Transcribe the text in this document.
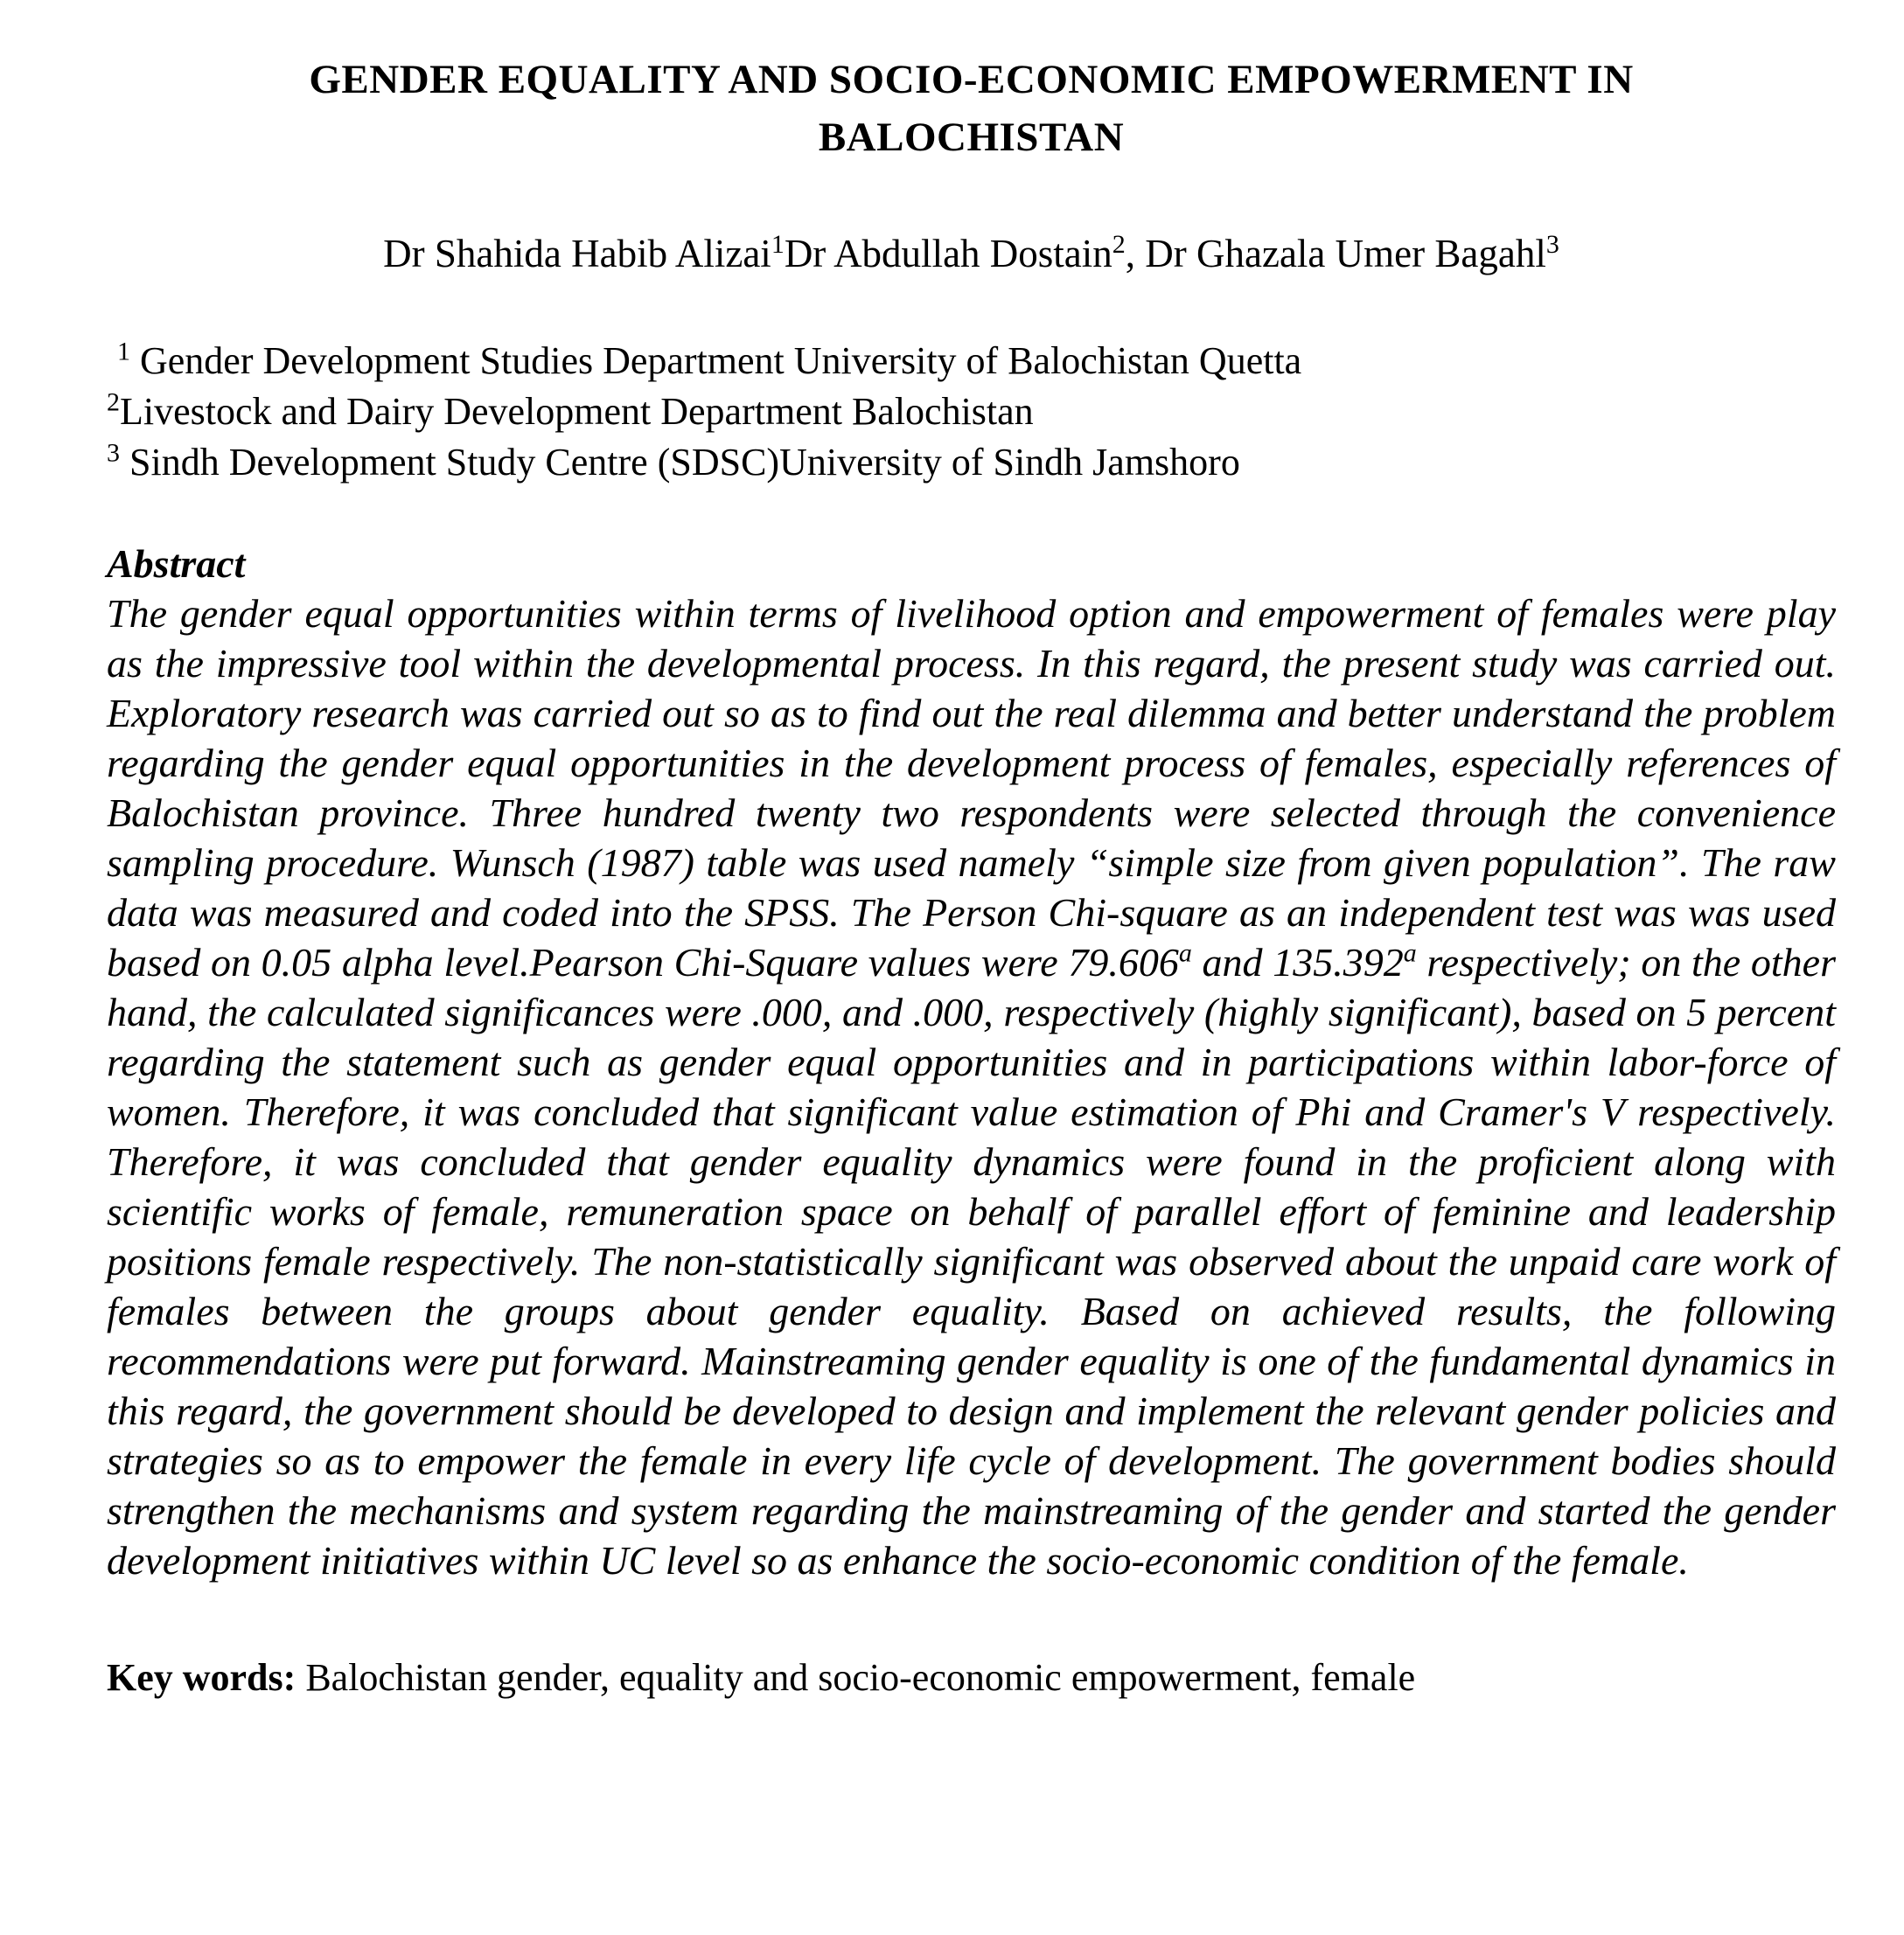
GENDER EQUALITY AND SOCIO-ECONOMIC EMPOWERMENT IN BALOCHISTAN

Dr Shahida Habib Alizai$^1$Dr Abdullah Dostain$^2$, Dr Ghazala Umer Bagahl$^3$

$^1$ Gender Development Studies Department University of Balochistan Quetta

$^2$Livestock and Dairy Development Department Balochistan

$^3$ Sindh Development Study Centre (SDSC)University of Sindh Jamshoro

Abstract

The gender equal opportunities within terms of livelihood option and empowerment of females were play as the impressive tool within the developmental process. In this regard, the present study was carried out. Exploratory research was carried out so as to find out the real dilemma and better understand the problem regarding the gender equal opportunities in the development process of females, especially references of Balochistan province. Three hundred twenty two respondents were selected through the convenience sampling procedure. Wunsch (1987) table was used namely “simple size from given population”. The raw data was measured and coded into the SPSS. The Person Chi-square as an independent test was was used based on 0.05 alpha level.Pearson Chi-Square values were 79.606$^a$ and 135.392$^a$ respectively; on the other hand, the calculated significances were .000, and .000, respectively (highly significant), based on 5 percent regarding the statement such as gender equal opportunities and in participations within labor-force of women. Therefore, it was concluded that significant value estimation of Phi and Cramer's V respectively. Therefore, it was concluded that gender equality dynamics were found in the proficient along with scientific works of female, remuneration space on behalf of parallel effort of feminine and leadership positions female respectively. The non-statistically significant was observed about the unpaid care work of females between the groups about gender equality. Based on achieved results, the following recommendations were put forward. Mainstreaming gender equality is one of the fundamental dynamics in this regard, the government should be developed to design and implement the relevant gender policies and strategies so as to empower the female in every life cycle of development. The government bodies should strengthen the mechanisms and system regarding the mainstreaming of the gender and started the gender development initiatives within UC level so as enhance the socio-economic condition of the female.

Key words: Balochistan gender, equality and socio-economic empowerment, female
